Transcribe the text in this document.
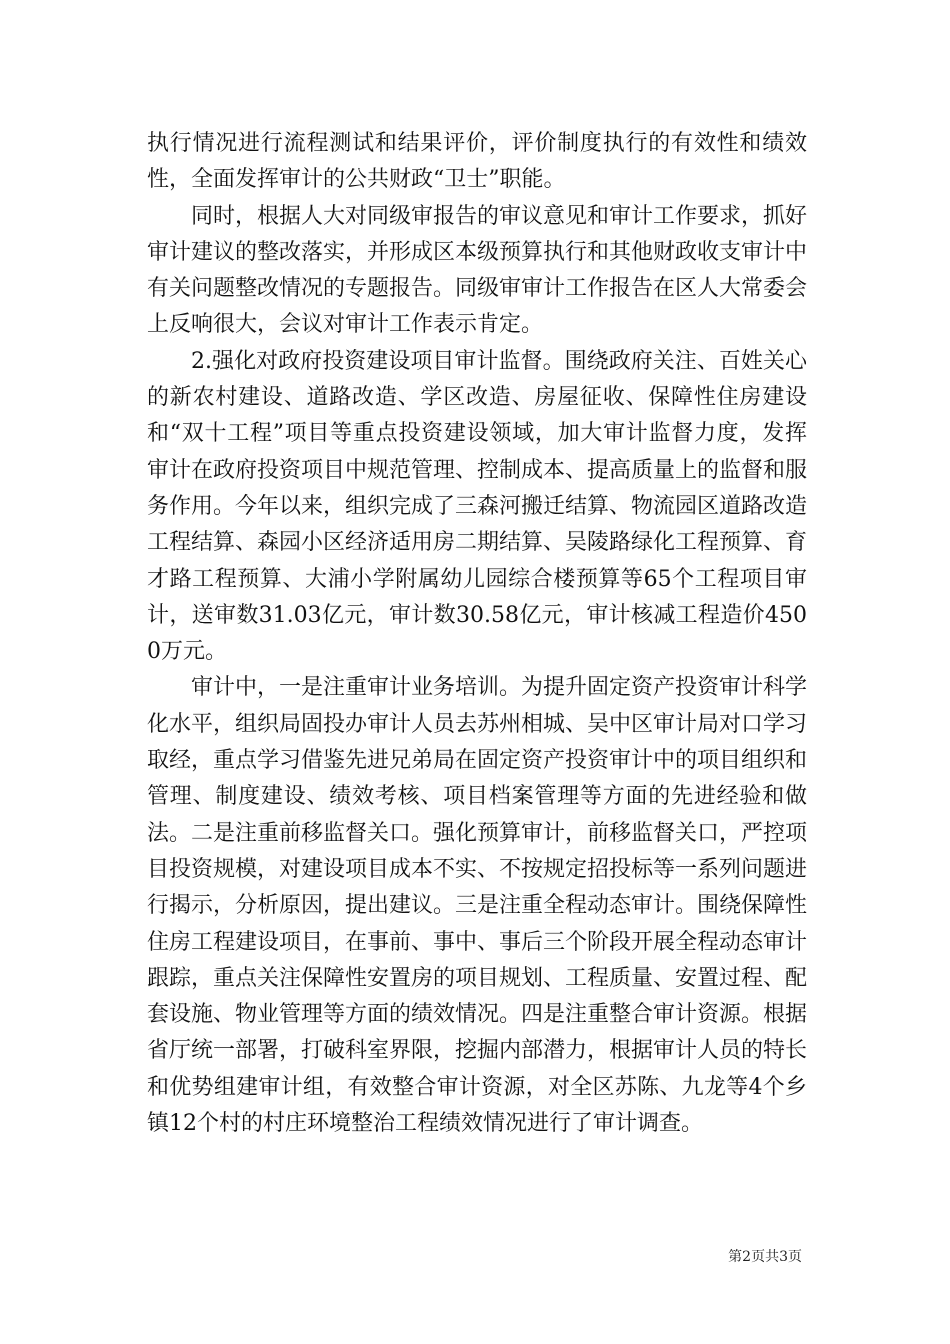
执行情况进行流程测试和结果评价，评价制度执行的有效性和绩效性，全面发挥审计的公共财政“卫士”职能。

同时，根据人大对同级审报告的审议意见和审计工作要求，抓好审计建议的整改落实，并形成区本级预算执行和其他财政收支审计中有关问题整改情况的专题报告。同级审审计工作报告在区人大常委会上反响很大，会议对审计工作表示肯定。

2.强化对政府投资建设项目审计监督。围绕政府关注、百姓关心的新农村建设、道路改造、学区改造、房屋征收、保障性住房建设和“双十工程”项目等重点投资建设领域，加大审计监督力度，发挥审计在政府投资项目中规范管理、控制成本、提高质量上的监督和服务作用。今年以来，组织完成了三森河搬迁结算、物流园区道路改造工程结算、森园小区经济适用房二期结算、吴陵路绿化工程预算、育才路工程预算、大浦小学附属幼儿园综合楼预算等65个工程项目审计，送审数31.03亿元，审计数30.58亿元，审计核减工程造价4500万元。

审计中，一是注重审计业务培训。为提升固定资产投资审计科学化水平，组织局固投办审计人员去苏州相城、吴中区审计局对口学习取经，重点学习借鉴先进兄弟局在固定资产投资审计中的项目组织和管理、制度建设、绩效考核、项目档案管理等方面的先进经验和做法。二是注重前移监督关口。强化预算审计，前移监督关口，严控项目投资规模，对建设项目成本不实、不按规定招投标等一系列问题进行揭示，分析原因，提出建议。三是注重全程动态审计。围绕保障性住房工程建设项目，在事前、事中、事后三个阶段开展全程动态审计跟踪，重点关注保障性安置房的项目规划、工程质量、安置过程、配套设施、物业管理等方面的绩效情况。四是注重整合审计资源。根据省厅统一部署，打破科室界限，挖掘内部潜力，根据审计人员的特长和优势组建审计组，有效整合审计资源，对全区苏陈、九龙等4个乡镇12个村的村庄环境整治工程绩效情况进行了审计调查。

第2页共3页
